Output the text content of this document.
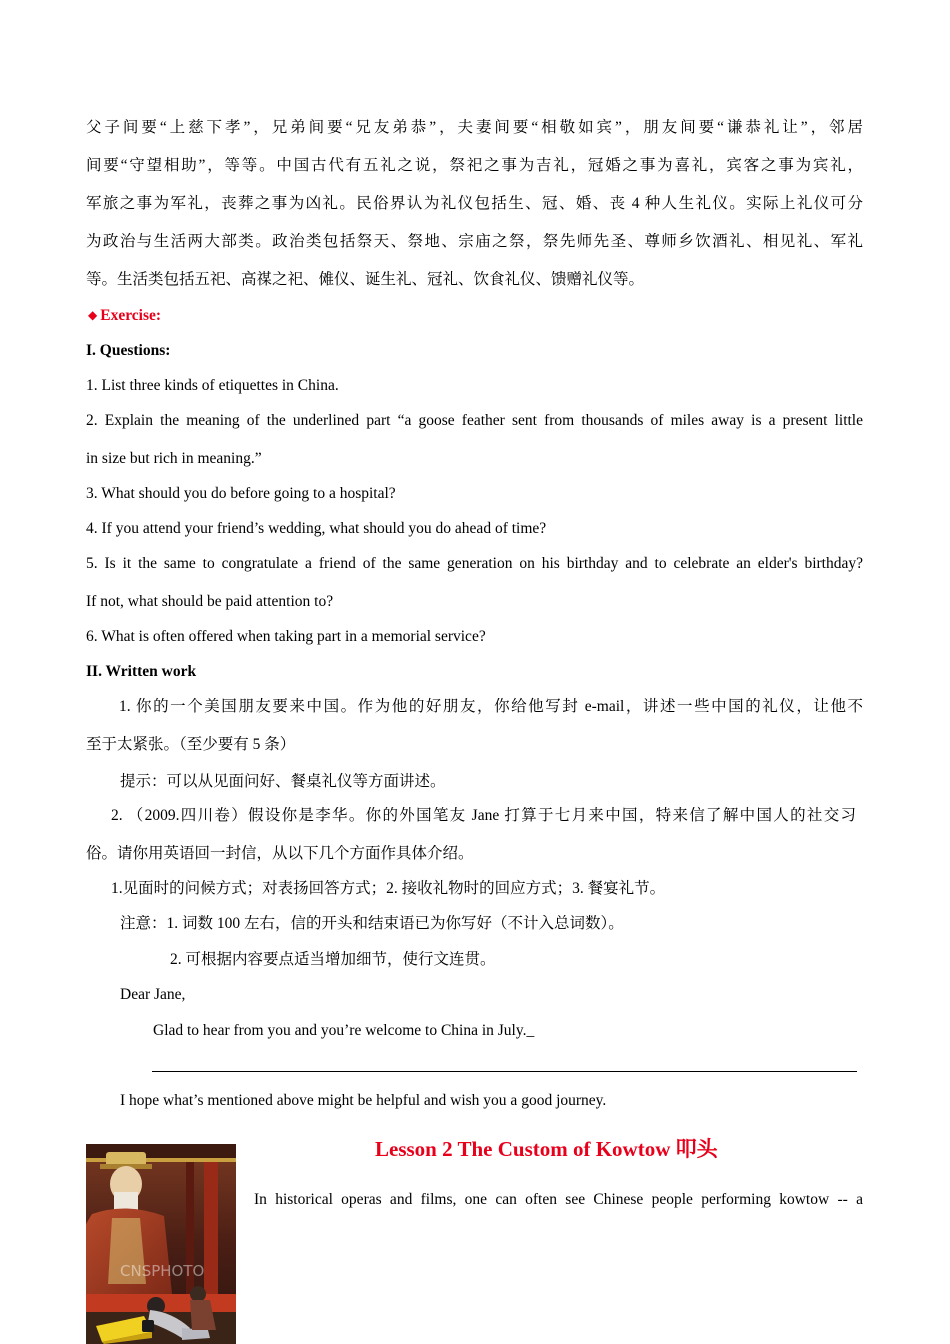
父子间要“上慈下孝”，兄弟间要“兄友弟恭”，夫妻间要“相敬如宾”，朋友间要“谦恭礼让”，邻居
间要“守望相助”，等等。中国古代有五礼之说，祭祀之事为吉礼，冠婚之事为喜礼，宾客之事为宾礼，
军旅之事为军礼，丧葬之事为凶礼。民俗界认为礼仪包括生、冠、婚、丧 4 种人生礼仪。实际上礼仪可分
为政治与生活两大部类。政治类包括祭天、祭地、宗庙之祭，祭先师先圣、尊师乡饮酒礼、相见礼、军礼
等。生活类包括五祀、高禖之祀、傩仪、诞生礼、冠礼、饮食礼仪、馈赠礼仪等。
◆ Exercise:
I. Questions:
1. List three kinds of etiquettes in China.
2. Explain the meaning of the underlined part “a goose feather sent from thousands of miles away is a present little
in size but rich in meaning.”
3. What should you do before going to a hospital?
4. If you attend your friend’s wedding, what should you do ahead of time?
5. Is it the same to congratulate a friend of the same generation on his birthday and to celebrate an elder's birthday?
If not, what should be paid attention to?
6. What is often offered when taking part in a memorial service?
II. Written work
1. 你的一个美国朋友要来中国。作为他的好朋友，你给他写封 e-mail，讲述一些中国的礼仪，让他不
至于太紧张。（至少要有 5 条）
提示：可以从见面问好、餐桌礼仪等方面讲述。
2. （2009.四川卷）假设你是李华。你的外国笔友 Jane 打算于七月来中国，特来信了解中国人的社交习
俗。请你用英语回一封信，从以下几个方面作具体介绍。
1.见面时的问候方式；对表扬回答方式；2. 接收礼物时的回应方式；3. 餐宴礼节。
注意：1. 词数 100 左右，信的开头和结束语已为你写好（不计入总词数）。
2. 可根据内容要点适当增加细节，使行文连贯。
Dear Jane,
Glad to hear from you and you’re welcome to China in July._
I hope what’s mentioned above might be helpful and wish you a good journey.
Lesson 2 The Custom of Kowtow 叩头
CNSPHOTO
In historical operas and films, one can often see Chinese people performing kowtow -- a
